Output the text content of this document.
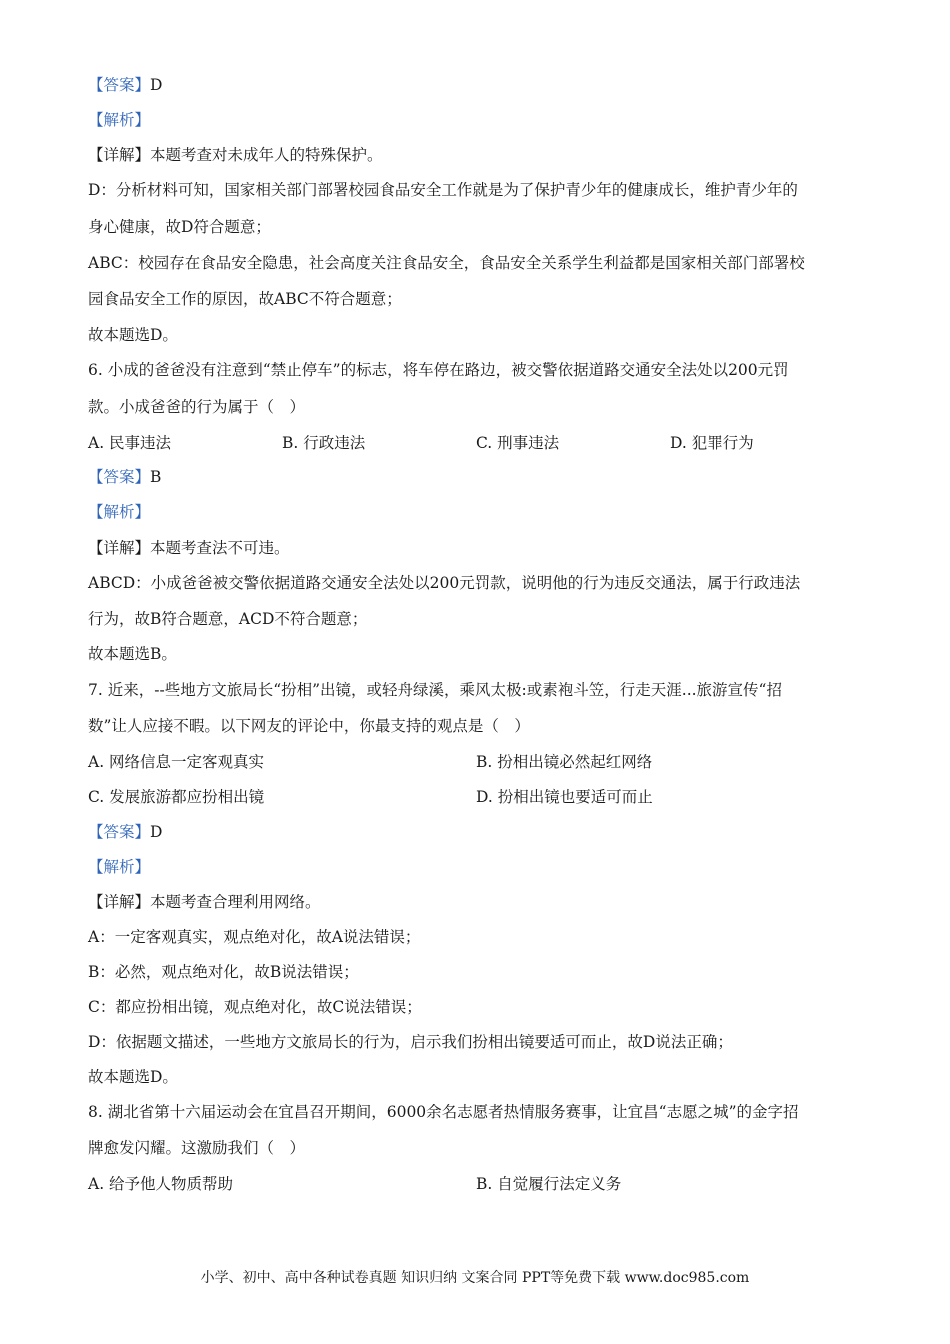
【答案】D
【解析】
【详解】本题考查对未成年人的特殊保护。
D：分析材料可知，国家相关部门部署校园食品安全工作就是为了保护青少年的健康成长，维护青少年的
身心健康，故D符合题意；
ABC：校园存在食品安全隐患，社会高度关注食品安全，食品安全关系学生利益都是国家相关部门部署校
园食品安全工作的原因，故ABC不符合题意；
故本题选D。
6. 小成的爸爸没有注意到“禁止停车”的标志，将车停在路边，被交警依据道路交通安全法处以200元罚
款。小成爸爸的行为属于（　）
A. 民事违法	B. 行政违法	C. 刑事违法	D. 犯罪行为
【答案】B
【解析】
【详解】本题考查法不可违。
ABCD：小成爸爸被交警依据道路交通安全法处以200元罚款，说明他的行为违反交通法，属于行政违法
行为，故B符合题意，ACD不符合题意；
故本题选B。
7. 近来，--些地方文旅局长“扮相”出镜，或轻舟绿溪，乘风太极:或素袍斗笠，行走天涯...旅游宣传“招
数”让人应接不暇。以下网友的评论中，你最支持的观点是（　）
A. 网络信息一定客观真实	B. 扮相出镜必然起红网络
C. 发展旅游都应扮相出镜	D. 扮相出镜也要适可而止
【答案】D
【解析】
【详解】本题考查合理利用网络。
A：一定客观真实，观点绝对化，故A说法错误；
B：必然，观点绝对化，故B说法错误；
C：都应扮相出镜，观点绝对化，故C说法错误；
D：依据题文描述，一些地方文旅局长的行为，启示我们扮相出镜要适可而止，故D说法正确；
故本题选D。
8. 湖北省第十六届运动会在宜昌召开期间，6000余名志愿者热情服务赛事，让宜昌“志愿之城”的金字招
牌愈发闪耀。这激励我们（　）
A. 给予他人物质帮助	B. 自觉履行法定义务
小学、初中、高中各种试卷真题 知识归纳 文案合同 PPT等免费下载 www.doc985.com
